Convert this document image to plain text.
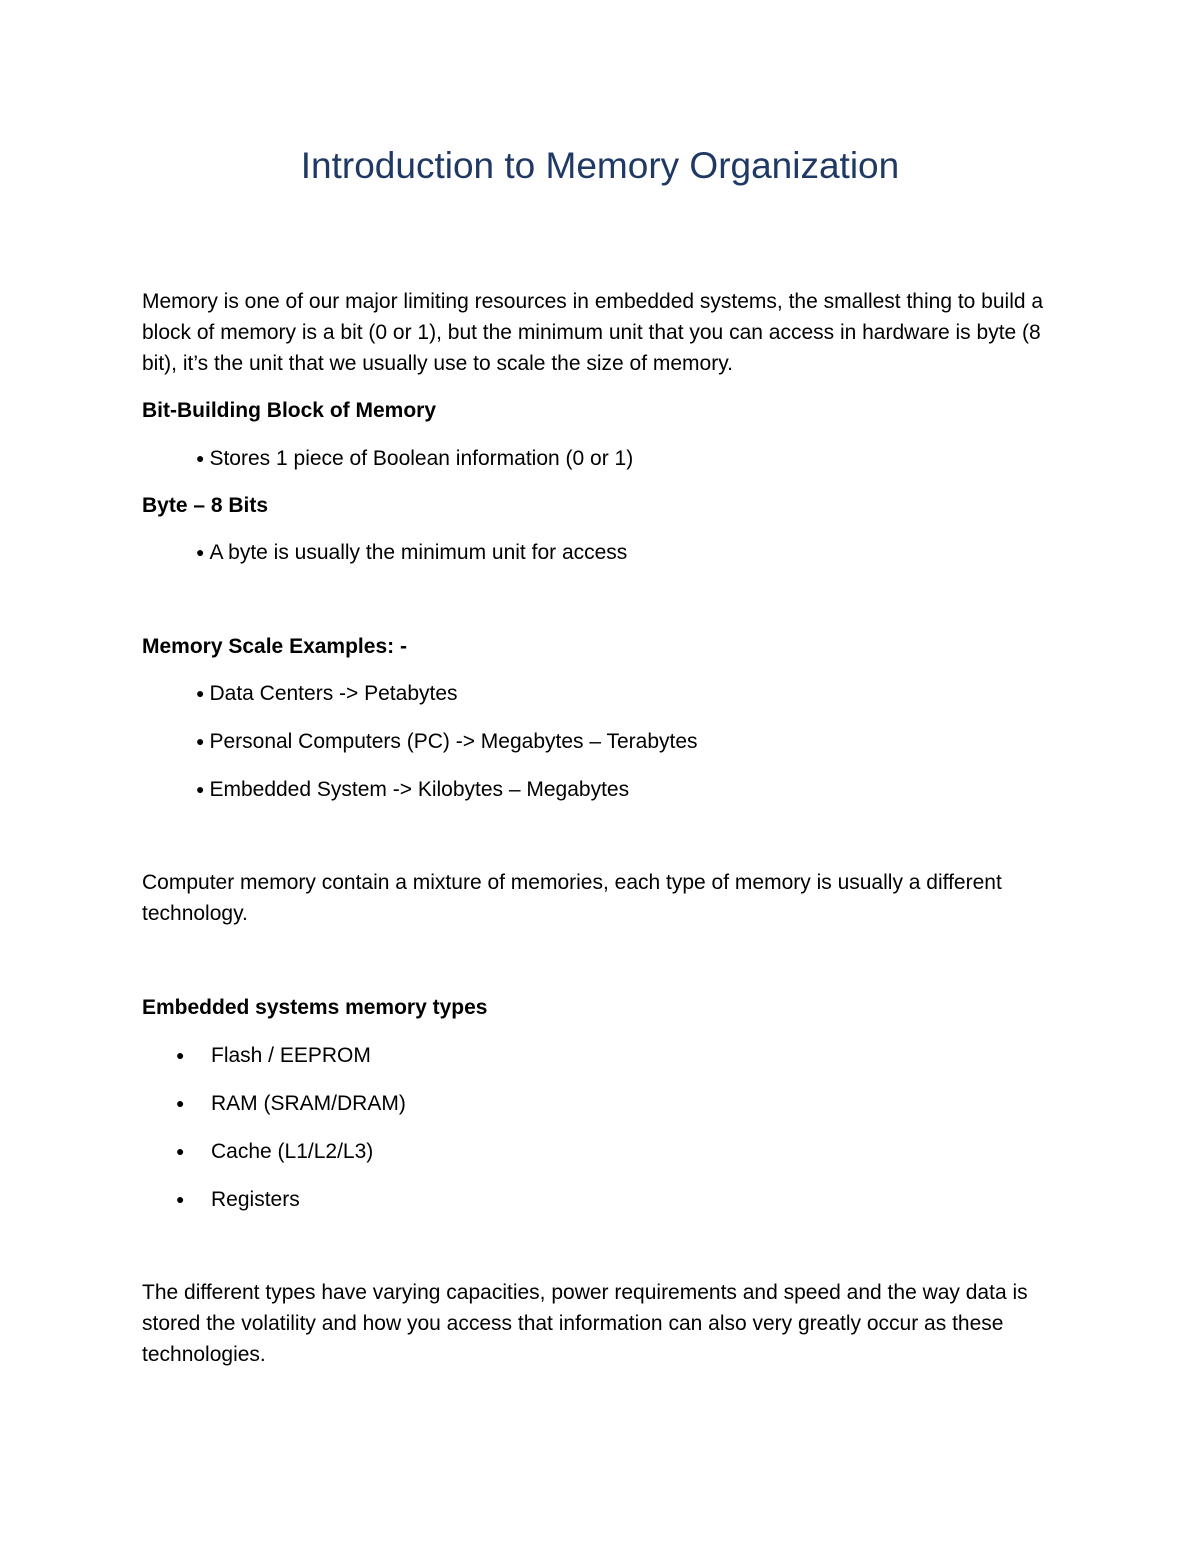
Introduction to Memory Organization

Memory is one of our major limiting resources in embedded systems, the smallest thing to build a block of memory is a bit (0 or 1), but the minimum unit that you can access in hardware is byte (8 bit), it’s the unit that we usually use to scale the size of memory.

Bit-Building Block of Memory

● Stores 1 piece of Boolean information (0 or 1)

Byte – 8 Bits

● A byte is usually the minimum unit for access

Memory Scale Examples: -

● Data Centers -> Petabytes
● Personal Computers (PC) -> Megabytes – Terabytes
● Embedded System -> Kilobytes – Megabytes

Computer memory contain a mixture of memories, each type of memory is usually a different technology.

Embedded systems memory types

● Flash / EEPROM
● RAM (SRAM/DRAM)
● Cache (L1/L2/L3)
● Registers

The different types have varying capacities, power requirements and speed and the way data is stored the volatility and how you access that information can also very greatly occur as these technologies.
